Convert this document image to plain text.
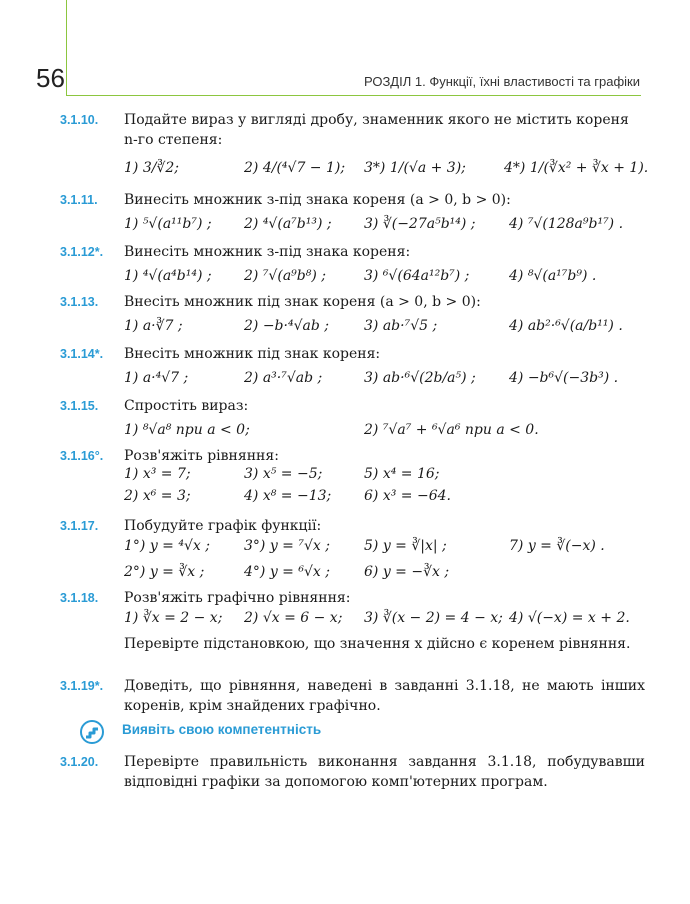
56	РОЗДІЛ 1. Функції, їхні властивості та графіки
3.1.10.	Подайте вираз у вигляді дробу, знаменник якого не містить кореня n-го степеня:
1) 3/∛2;	2) 4/(⁴√7 − 1); 3*) 1/(√a + 3);	4*) 1/(∛x² + ∛x + 1).
3.1.11.	Винесіть множник з-під знака кореня (a > 0, b > 0):
1) ⁵√(a¹¹b⁷) ; 2) ⁴√(a⁷b¹³) ; 3) ∛(−27a⁵b¹⁴) ; 4) ⁷√(128a⁹b¹⁷) .
3.1.12*.	Винесіть множник з-під знака кореня:
1) ⁴√(a⁴b¹⁴) ; 2) ⁷√(a⁹b⁸) ;	3) ⁶√(64a¹²b⁷) ;	4) ⁸√(a¹⁷b⁹) .
3.1.13.	Внесіть множник під знак кореня (a > 0, b > 0):
1) a·∛7 ;	2) −b·⁴√ab ;	3) ab·⁷√5 ;	4) ab²·⁶√(a/b¹¹) .
3.1.14*.	Внесіть множник під знак кореня:
1) a·⁴√7 ;	2) a³·⁷√ab ;	3) ab·⁶√(2b/a⁵) ; 4) −b⁶√(−3b³) .
3.1.15.	Спростіть вираз:
1) ⁸√a⁸ при a < 0;	2) ⁷√a⁷ + ⁶√a⁶ при a < 0.
3.1.16°.	Розв'яжіть рівняння:
1) x³ = 7;	3) x⁵ = −5;	5) x⁴ = 16;
2) x⁶ = 3;	4) x⁸ = −13; 6) x³ = −64.
3.1.17.	Побудуйте графік функції:
1°) y = ⁴√x ; 3°) y = ⁷√x ; 5) y = ∛|x| ;	7) y = ∛(−x) .
2°) y = ∛x ;	4°) y = ⁶√x ; 6) y = −∛x ;
3.1.18.	Розв'яжіть графічно рівняння:
1) ∛x = 2 − x; 2) √x = 6 − x; 3) ∛(x − 2) = 4 − x; 4) √(−x) = x + 2.
Перевірте підстановкою, що значення x дійсно є коренем рівняння.
3.1.19*.	Доведіть, що рівняння, наведені в завданні 3.1.18, не мають інших коренів, крім знайдених графічно.
Виявіть свою компетентність
3.1.20.	Перевірте правильність виконання завдання 3.1.18, побудувавши відповідні графіки за допомогою комп'ютерних програм.
